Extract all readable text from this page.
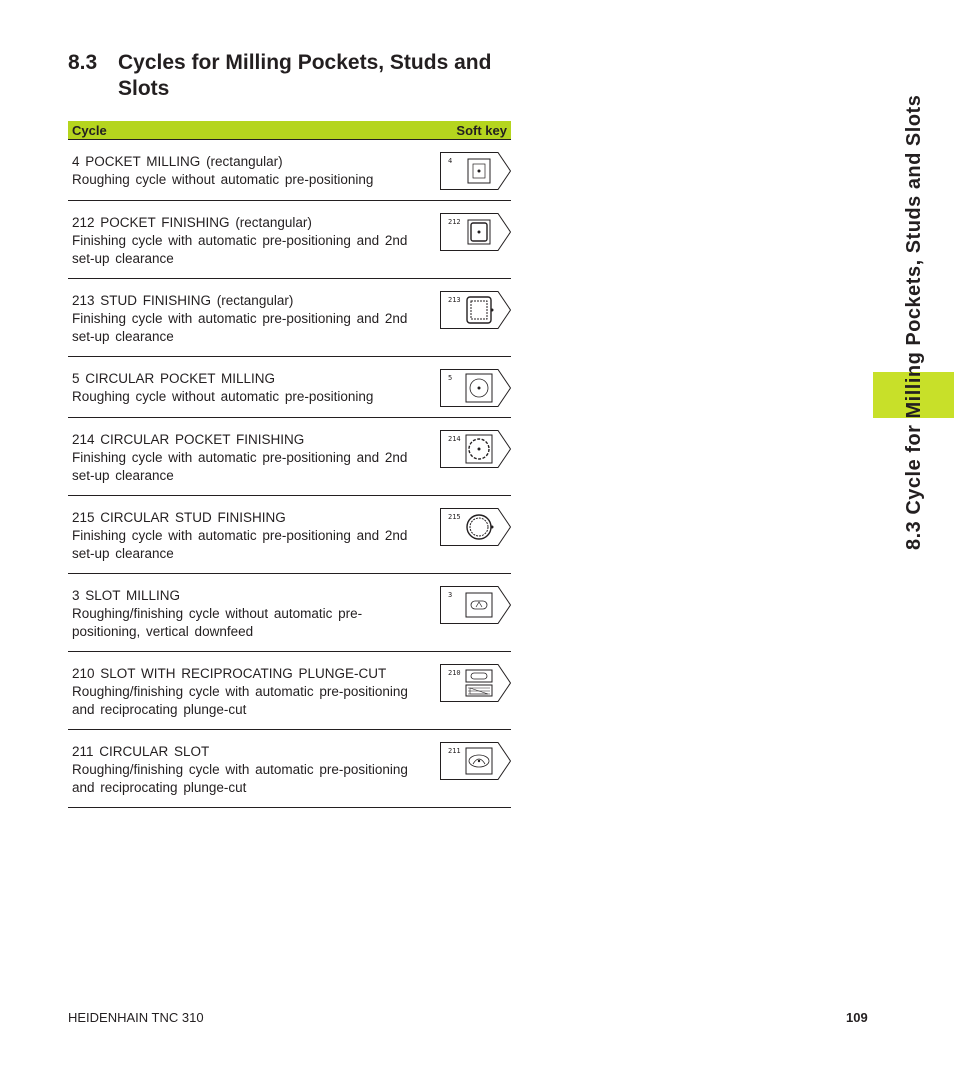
8.3 Cycles for Milling Pockets, Studs and Slots
8.3 Cycle for Milling Pockets, Studs and Slots
Cycle	Soft key
4 POCKET MILLING (rectangular)
Roughing cycle without automatic pre-positioning
4
212 POCKET FINISHING (rectangular)
Finishing cycle with automatic pre-positioning and 2nd set-up clearance
212
213 STUD FINISHING (rectangular)
Finishing cycle with automatic pre-positioning and 2nd set-up clearance
213
5 CIRCULAR POCKET MILLING
Roughing cycle without automatic pre-positioning
5
214 CIRCULAR POCKET FINISHING
Finishing cycle with automatic pre-positioning and 2nd set-up clearance
214
215 CIRCULAR STUD FINISHING
Finishing cycle with automatic pre-positioning and 2nd set-up clearance
215
3 SLOT MILLING
Roughing/finishing cycle without automatic pre-positioning, vertical downfeed
3
210 SLOT WITH RECIPROCATING PLUNGE-CUT
Roughing/finishing cycle with automatic pre-positioning and reciprocating plunge-cut
210
211 CIRCULAR SLOT
Roughing/finishing cycle with automatic pre-positioning and reciprocating plunge-cut
211
HEIDENHAIN TNC 310	109
